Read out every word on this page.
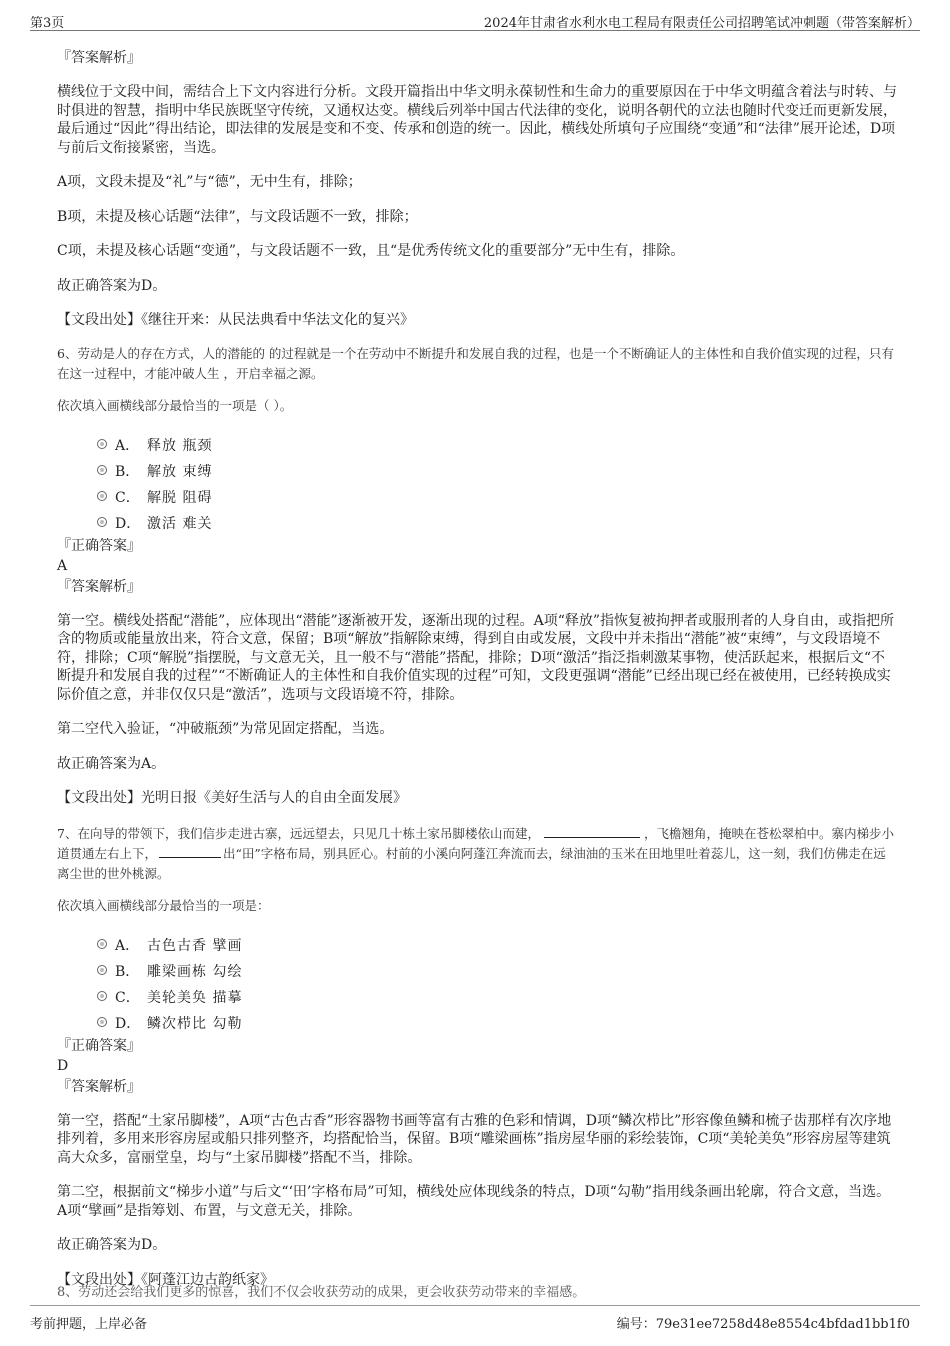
第3页	2024年甘肃省水利水电工程局有限责任公司招聘笔试冲刺题（带答案解析）

『答案解析』

横线位于文段中间，需结合上下文内容进行分析。文段开篇指出中华文明永葆韧性和生命力的重要原因在于中华文明蕴含着法与时转、与时俱进的智慧，指明中华民族既坚守传统，又通权达变。横线后列举中国古代法律的变化，说明各朝代的立法也随时代变迁而更新发展，最后通过“因此”得出结论，即法律的发展是变和不变、传承和创造的统一。因此，横线处所填句子应围绕“变通”和“法律”展开论述，D项与前后文衔接紧密，当选。

A项，文段未提及“礼”与“德”，无中生有，排除；

B项，未提及核心话题“法律”，与文段话题不一致，排除；

C项，未提及核心话题“变通”，与文段话题不一致，且“是优秀传统文化的重要部分”无中生有，排除。

故正确答案为D。

【文段出处】《继往开来：从民法典看中华法文化的复兴》

6、劳动是人的存在方式，人的潜能的 的过程就是一个在劳动中不断提升和发展自我的过程，也是一个不断确证人的主体性和自我价值实现的过程，只有在这一过程中，才能冲破人生 ，开启幸福之源。

依次填入画横线部分最恰当的一项是（ ）。

A． 释放 瓶颈
B． 解放 束缚
C． 解脱 阻碍
D． 激活 难关

『正确答案』

A

『答案解析』

第一空。横线处搭配“潜能”，应体现出“潜能”逐渐被开发，逐渐出现的过程。A项“释放”指恢复被拘押者或服刑者的人身自由，或指把所含的物质或能量放出来，符合文意，保留；B项“解放”指解除束缚，得到自由或发展，文段中并未指出“潜能”被“束缚”，与文段语境不符，排除；C项“解脱”指摆脱，与文意无关，且一般不与“潜能”搭配，排除；D项“激活”指泛指刺激某事物，使活跃起来，根据后文“不断提升和发展自我的过程”“不断确证人的主体性和自我价值实现的过程”可知，文段更强调“潜能”已经出现已经在被使用，已经转换成实际价值之意，并非仅仅只是“激活”，选项与文段语境不符，排除。

第二空代入验证，“冲破瓶颈”为常见固定搭配，当选。

故正确答案为A。

【文段出处】光明日报《美好生活与人的自由全面发展》

7、在向导的带领下，我们信步走进古寨，远远望去，只见几十栋土家吊脚楼依山而建，	，飞檐翘角，掩映在苍松翠柏中。寨内梯步小道贯通左右上下，	出“田”字格布局，别具匠心。村前的小溪向阿蓬江奔流而去，绿油油的玉米在田地里吐着蕊儿，这一刻，我们仿佛走在远离尘世的世外桃源。

依次填入画横线部分最恰当的一项是：

A． 古色古香 擘画
B． 雕梁画栋 勾绘
C． 美轮美奂 描摹
D． 鳞次栉比 勾勒

『正确答案』

D

『答案解析』

第一空，搭配“土家吊脚楼”，A项“古色古香”形容器物书画等富有古雅的色彩和情调，D项“鳞次栉比”形容像鱼鳞和梳子齿那样有次序地排列着，多用来形容房屋或船只排列整齐，均搭配恰当，保留。B项“雕梁画栋”指房屋华丽的彩绘装饰，C项“美轮美奂”形容房屋等建筑高大众多，富丽堂皇，均与“土家吊脚楼”搭配不当，排除。

第二空，根据前文“梯步小道”与后文“‘田’字格布局”可知，横线处应体现线条的特点，D项“勾勒”指用线条画出轮廓，符合文意，当选。A项“擘画”是指筹划、布置，与文意无关，排除。

故正确答案为D。

【文段出处】《阿蓬江边古韵纸家》

8、劳动还会给我们更多的惊喜，我们不仅会收获劳动的成果，更会收获劳动带来的幸福感。
考前押题，上岸必备	编号：79e31ee7258d48e8554c4bfdad1bb1f0
